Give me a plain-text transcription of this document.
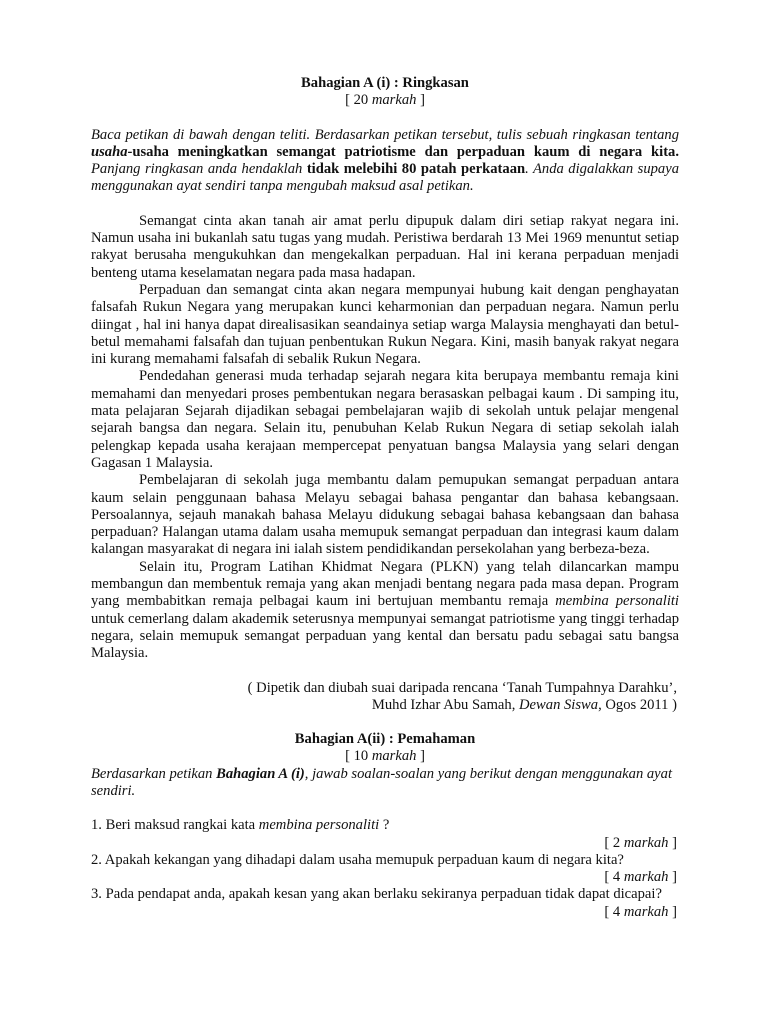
Bahagian A (i) : Ringkasan
[ 20 markah ]

Baca petikan di bawah dengan teliti. Berdasarkan petikan tersebut, tulis sebuah ringkasan tentang usaha-usaha meningkatkan semangat patriotisme dan perpaduan kaum di negara kita. Panjang ringkasan anda hendaklah tidak melebihi 80 patah perkataan. Anda digalakkan supaya menggunakan ayat sendiri tanpa mengubah maksud asal petikan.

Semangat cinta akan tanah air amat perlu dipupuk dalam diri setiap rakyat negara ini. Namun usaha ini bukanlah satu tugas yang mudah. Peristiwa berdarah 13 Mei 1969 menuntut setiap rakyat berusaha mengukuhkan dan mengekalkan perpaduan. Hal ini kerana perpaduan menjadi benteng utama keselamatan negara pada masa hadapan.

Perpaduan dan semangat cinta akan negara mempunyai hubung kait dengan penghayatan falsafah Rukun Negara yang merupakan kunci keharmonian dan perpaduan negara. Namun perlu diingat , hal ini hanya dapat direalisasikan seandainya setiap warga Malaysia menghayati dan betul-betul memahami falsafah dan tujuan penbentukan Rukun Negara. Kini, masih banyak rakyat negara ini kurang memahami falsafah di sebalik Rukun Negara.

Pendedahan generasi muda terhadap sejarah negara kita berupaya membantu remaja kini memahami dan menyedari proses pembentukan negara berasaskan pelbagai kaum . Di samping itu, mata pelajaran Sejarah dijadikan sebagai pembelajaran wajib di sekolah untuk pelajar mengenal sejarah bangsa dan negara. Selain itu, penubuhan Kelab Rukun Negara di setiap sekolah ialah pelengkap kepada usaha kerajaan mempercepat penyatuan bangsa Malaysia yang selari dengan Gagasan 1 Malaysia.

Pembelajaran di sekolah juga membantu dalam pemupukan semangat perpaduan antara kaum selain penggunaan bahasa Melayu sebagai bahasa pengantar dan bahasa kebangsaan. Persoalannya, sejauh manakah bahasa Melayu didukung sebagai bahasa kebangsaan dan bahasa perpaduan? Halangan utama dalam usaha memupuk semangat perpaduan dan integrasi kaum dalam kalangan masyarakat di negara ini ialah sistem pendidikandan persekolahan yang berbeza-beza.

Selain itu, Program Latihan Khidmat Negara (PLKN) yang telah dilancarkan mampu membangun dan membentuk remaja yang akan menjadi bentang negara pada masa depan. Program yang membabitkan remaja pelbagai kaum ini bertujuan membantu remaja membina personaliti untuk cemerlang dalam akademik seterusnya mempunyai semangat patriotisme yang tinggi terhadap negara, selain memupuk semangat perpaduan yang kental dan bersatu padu sebagai satu bangsa Malaysia.

( Dipetik dan diubah suai daripada rencana ‘Tanah Tumpahnya Darahku’,
Muhd Izhar Abu Samah, Dewan Siswa, Ogos 2011 )
Bahagian A(ii) : Pemahaman
[ 10 markah ]

Berdasarkan petikan Bahagian A (i), jawab soalan-soalan yang berikut dengan menggunakan ayat sendiri.

1. Beri maksud rangkai kata membina personaliti ?

[ 2 markah ]

2. Apakah kekangan yang dihadapi dalam usaha memupuk perpaduan kaum di negara kita?

[ 4 markah ]

3. Pada pendapat anda, apakah kesan yang akan berlaku sekiranya perpaduan tidak dapat dicapai?

[ 4 markah ]
